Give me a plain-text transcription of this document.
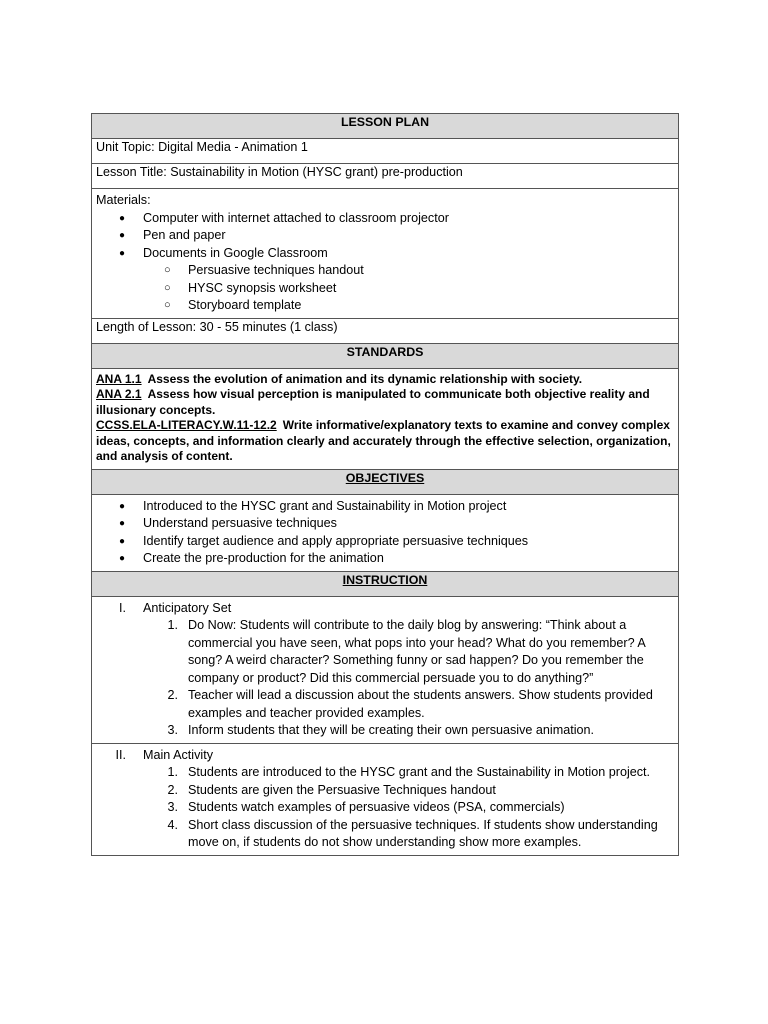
LESSON PLAN
Unit Topic: Digital Media - Animation 1
Lesson Title: Sustainability in Motion (HYSC grant) pre-production

Materials:
● Computer with internet attached to classroom projector
● Pen and paper
● Documents in Google Classroom
○ Persuasive techniques handout
○ HYSC synopsis worksheet
○ Storyboard template

Length of Lesson: 30 - 55 minutes (1 class)
STANDARDS

ANA 1.1 Assess the evolution of animation and its dynamic relationship with society.

ANA 2.1 Assess how visual perception is manipulated to communicate both objective reality and illusionary concepts.

CCSS.ELA-LITERACY.W.11-12.2 Write informative/explanatory texts to examine and convey complex ideas, concepts, and information clearly and accurately through the effective selection, organization, and analysis of content.

OBJECTIVES

● Introduced to the HYSC grant and Sustainability in Motion project
● Understand persuasive techniques
● Identify target audience and apply appropriate persuasive techniques
● Create the pre-production for the animation

INSTRUCTION

I. Anticipatory Set
1. Do Now: Students will contribute to the daily blog by answering: “Think about a commercial you have seen, what pops into your head? What do you remember? A song? A weird character? Something funny or sad happen? Do you remember the company or product? Did this commercial persuade you to do anything?”
2. Teacher will lead a discussion about the students answers. Show students provided examples and teacher provided examples.
3. Inform students that they will be creating their own persuasive animation.

II. Main Activity
1. Students are introduced to the HYSC grant and the Sustainability in Motion project.
2. Students are given the Persuasive Techniques handout
3. Students watch examples of persuasive videos (PSA, commercials)
4. Short class discussion of the persuasive techniques. If students show understanding move on, if students do not show understanding show more examples.
